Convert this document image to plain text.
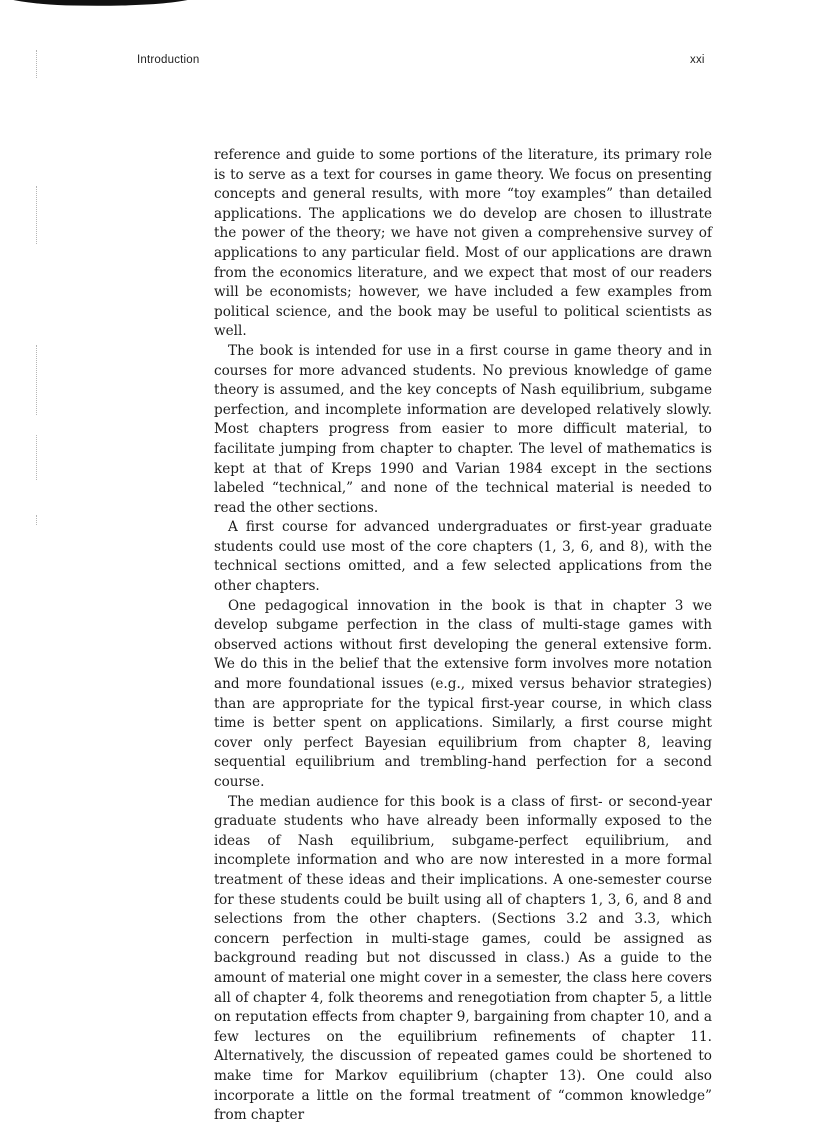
Introduction	xxi

reference and guide to some portions of the literature, its primary role is to serve as a text for courses in game theory. We focus on presenting concepts and general results, with more “toy examples” than detailed applications. The applications we do develop are chosen to illustrate the power of the theory; we have not given a comprehensive survey of applications to any particular field. Most of our applications are drawn from the economics literature, and we expect that most of our readers will be economists; however, we have included a few examples from political science, and the book may be useful to political scientists as well.

The book is intended for use in a first course in game theory and in courses for more advanced students. No previous knowledge of game theory is assumed, and the key concepts of Nash equilibrium, subgame perfection, and incomplete information are developed relatively slowly. Most chapters progress from easier to more difficult material, to facilitate jumping from chapter to chapter. The level of mathematics is kept at that of Kreps 1990 and Varian 1984 except in the sections labeled “technical,” and none of the technical material is needed to read the other sections.

A first course for advanced undergraduates or first-year graduate students could use most of the core chapters (1, 3, 6, and 8), with the technical sections omitted, and a few selected applications from the other chapters.

One pedagogical innovation in the book is that in chapter 3 we develop subgame perfection in the class of multi-stage games with observed actions without first developing the general extensive form. We do this in the belief that the extensive form involves more notation and more foundational issues (e.g., mixed versus behavior strategies) than are appropriate for the typical first-year course, in which class time is better spent on applications. Similarly, a first course might cover only perfect Bayesian equilibrium from chapter 8, leaving sequential equilibrium and trembling-hand perfection for a second course.

The median audience for this book is a class of first- or second-year graduate students who have already been informally exposed to the ideas of Nash equilibrium, subgame-perfect equilibrium, and incomplete information and who are now interested in a more formal treatment of these ideas and their implications. A one-semester course for these students could be built using all of chapters 1, 3, 6, and 8 and selections from the other chapters. (Sections 3.2 and 3.3, which concern perfection in multi-stage games, could be assigned as background reading but not discussed in class.) As a guide to the amount of material one might cover in a semester, the class here covers all of chapter 4, folk theorems and renegotiation from chapter 5, a little on reputation effects from chapter 9, bargaining from chapter 10, and a few lectures on the equilibrium refinements of chapter 11. Alternatively, the discussion of repeated games could be shortened to make time for Markov equilibrium (chapter 13). One could also incorporate a little on the formal treatment of “common knowledge” from chapter
